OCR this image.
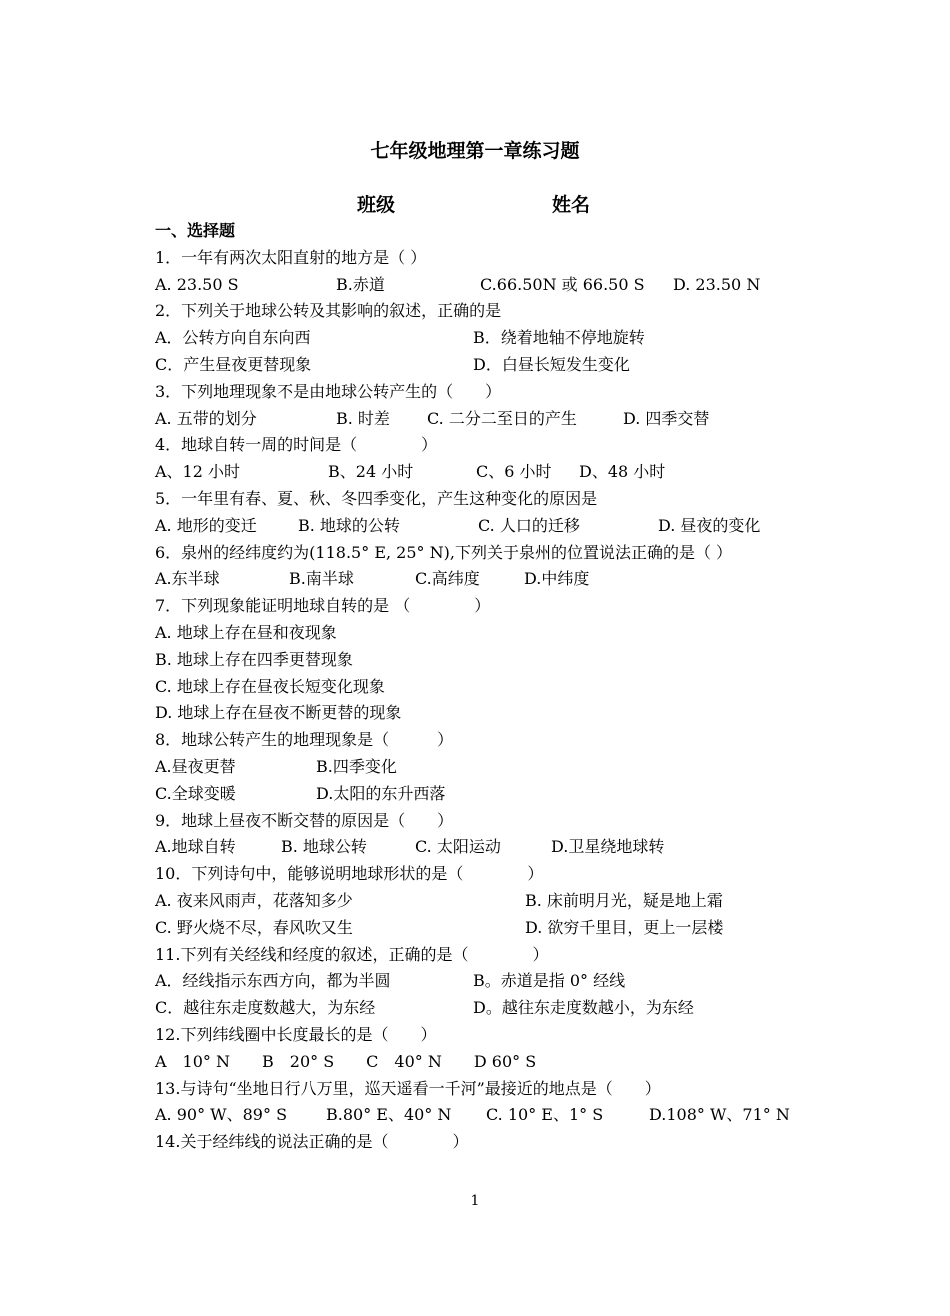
七年级地理第一章练习题
班级	姓名
一、选择题
1．一年有两次太阳直射的地方是（ ）
A. 23.50 S	B.赤道	C.66.50N 或 66.50 S	D. 23.50 N
2．下列关于地球公转及其影响的叙述，正确的是
A．公转方向自东向西	B．绕着地轴不停地旋转
C．产生昼夜更替现象	D．白昼长短发生变化
3．下列地理现象不是由地球公转产生的（　　）
A. 五带的划分	B. 时差	C. 二分二至日的产生	D. 四季交替
4．地球自转一周的时间是（　　　　）
A、12 小时	B、24 小时	C、6 小时	D、48 小时
5．一年里有春、夏、秋、冬四季变化，产生这种变化的原因是
A. 地形的变迁	B. 地球的公转	C. 人口的迁移	D. 昼夜的变化
6．泉州的经纬度约为(118.5° E, 25° N),下列关于泉州的位置说法正确的是（ ）
A.东半球	B.南半球	C.高纬度	D.中纬度
7．下列现象能证明地球自转的是 （　　　　）
A. 地球上存在昼和夜现象
B. 地球上存在四季更替现象
C. 地球上存在昼夜长短变化现象
D. 地球上存在昼夜不断更替的现象
8．地球公转产生的地理现象是（　　　）
A.昼夜更替	B.四季变化
C.全球变暖	D.太阳的东升西落
9．地球上昼夜不断交替的原因是（　　）
A.地球自转	B. 地球公转	C. 太阳运动	D.卫星绕地球转
10．下列诗句中，能够说明地球形状的是（　　　　）
A. 夜来风雨声，花落知多少	B. 床前明月光，疑是地上霜
C. 野火烧不尽，春风吹又生	D. 欲穷千里目，更上一层楼
11.下列有关经线和经度的叙述，正确的是（　　　　）
A．经线指示东西方向，都为半圆	B。赤道是指 0° 经线
C．越往东走度数越大，为东经	D。越往东走度数越小，为东经
12.下列纬线圈中长度最长的是（　　）
A　10° N　　B　20° S　　C　40° N　　D 60° S
13.与诗句“坐地日行八万里，巡天遥看一千河”最接近的地点是（　　）
A. 90° W、89° S	B.80° E、40° N	C. 10° E、1° S	D.108° W、71° N
14.关于经纬线的说法正确的是（　　　　）
1
